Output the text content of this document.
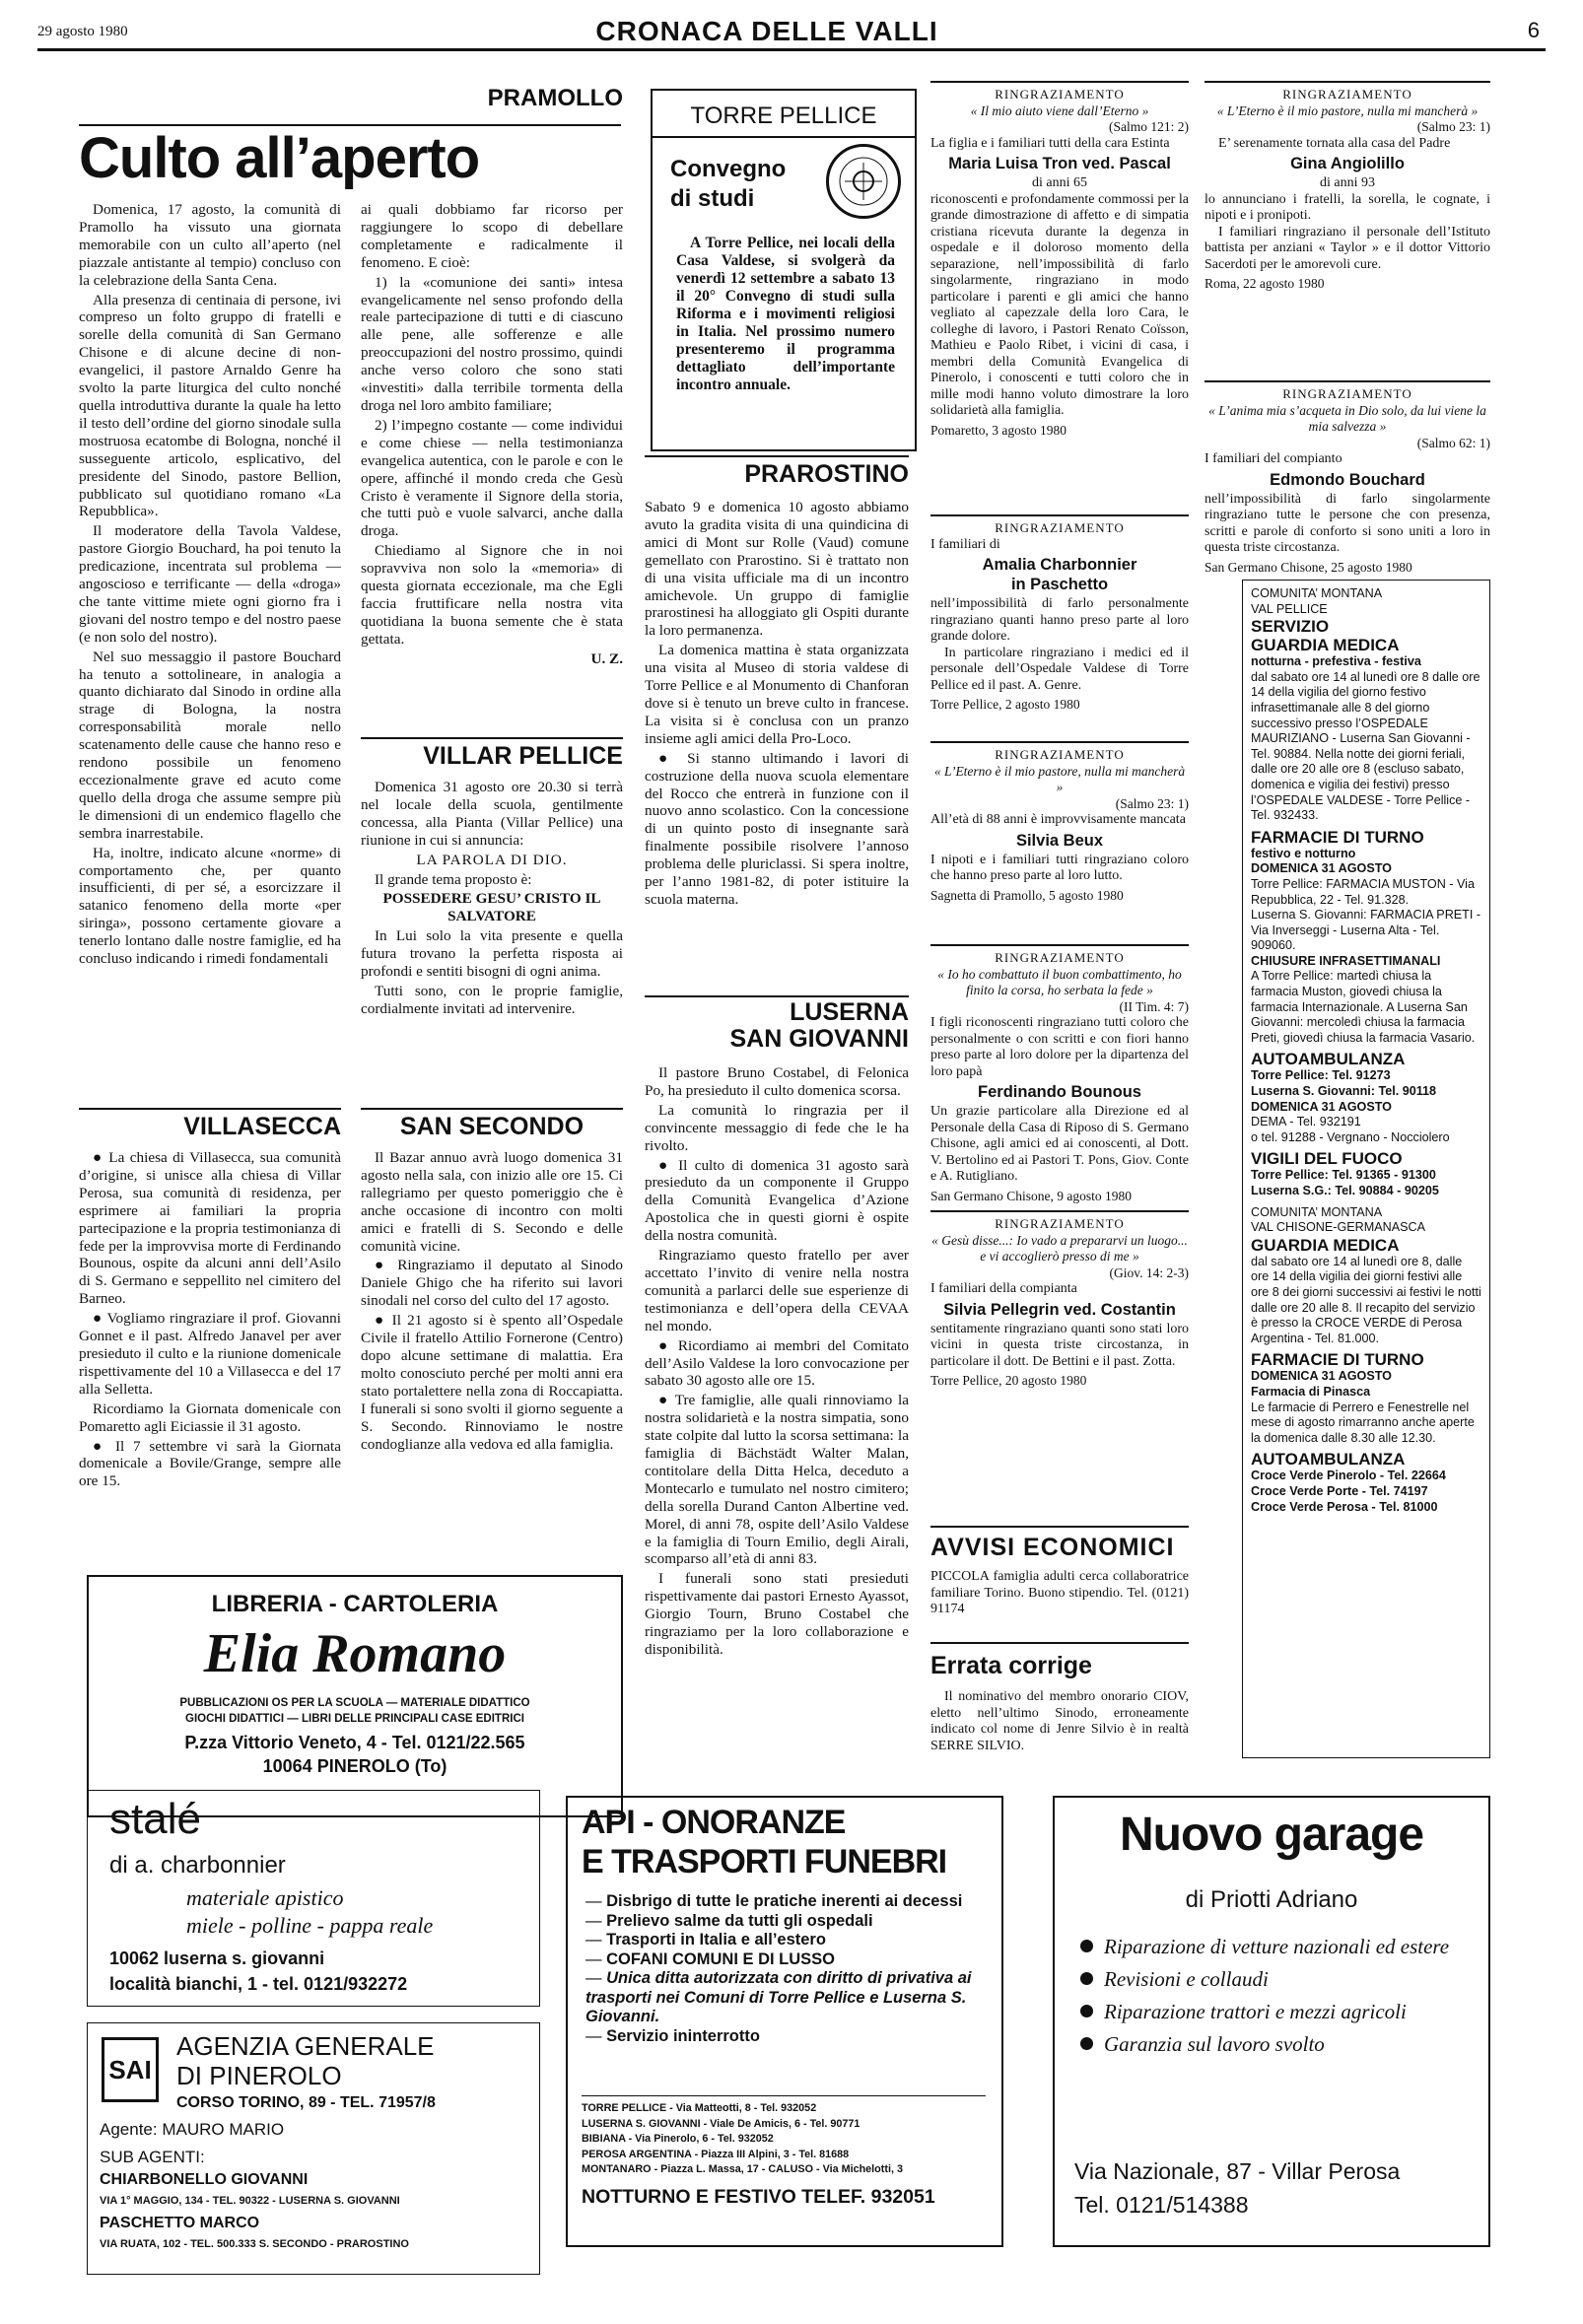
29 agosto 1980	CRONACA DELLE VALLI	6
PRAMOLLO
Culto all’aperto

Domenica, 17 agosto, la comunità di Pramollo ha vissuto una giornata memorabile con un culto all’aperto (nel piazzale antistante al tempio) concluso con la celebrazione della Santa Cena.

Alla presenza di centinaia di persone, ivi compreso un folto gruppo di fratelli e sorelle della comunità di San Germano Chisone e di alcune decine di non-evangelici, il pastore Arnaldo Genre ha svolto la parte liturgica del culto nonché quella introduttiva durante la quale ha letto il testo dell’ordine del giorno sinodale sulla mostruosa ecatombe di Bologna, nonché il susseguente articolo, esplicativo, del presidente del Sinodo, pastore Bellion, pubblicato sul quotidiano romano «La Repubblica».

Il moderatore della Tavola Valdese, pastore Giorgio Bouchard, ha poi tenuto la predicazione, incentrata sul problema — angoscioso e terrificante — della «droga» che tante vittime miete ogni giorno fra i giovani del nostro tempo e del nostro paese (e non solo del nostro).

Nel suo messaggio il pastore Bouchard ha tenuto a sottolineare, in analogia a quanto dichiarato dal Sinodo in ordine alla strage di Bologna, la nostra corresponsabilità morale nello scatenamento delle cause che hanno reso e rendono possibile un fenomeno eccezionalmente grave ed acuto come quello della droga che assume sempre più le dimensioni di un endemico flagello che sembra inarrestabile.

Ha, inoltre, indicato alcune «norme» di comportamento che, per quanto insufficienti, di per sé, a esorcizzare il satanico fenomeno della morte «per siringa», possono certamente giovare a tenerlo lontano dalle nostre famiglie, ed ha concluso indicando i rimedi fondamentali

ai quali dobbiamo far ricorso per raggiungere lo scopo di debellare completamente e radicalmente il fenomeno. E cioè:

1) la «comunione dei santi» intesa evangelicamente nel senso profondo della reale partecipazione di tutti e di ciascuno alle pene, alle sofferenze e alle preoccupazioni del nostro prossimo, quindi anche verso coloro che sono stati «investiti» dalla terribile tormenta della droga nel loro ambito familiare;

2) l’impegno costante — come individui e come chiese — nella testimonianza evangelica autentica, con le parole e con le opere, affinché il mondo creda che Gesù Cristo è veramente il Signore della storia, che tutti può e vuole salvarci, anche dalla droga.

Chiediamo al Signore che in noi sopravviva non solo la «memoria» di questa giornata eccezionale, ma che Egli faccia fruttificare nella nostra vita quotidiana la buona semente che è stata gettata.

U. Z.

VILLAR PELLICE

Domenica 31 agosto ore 20.30 si terrà nel locale della scuola, gentilmente concessa, alla Pianta (Villar Pellice) una riunione in cui si annuncia:

LA PAROLA DI DIO.

Il grande tema proposto è:

POSSEDERE GESU’ CRISTO IL SALVATORE

In Lui solo la vita presente e quella futura trovano la perfetta risposta ai profondi e sentiti bisogni di ogni anima.

Tutti sono, con le proprie famiglie, cordialmente invitati ad intervenire.

VILLASECCA

● La chiesa di Villasecca, sua comunità d’origine, si unisce alla chiesa di Villar Perosa, sua comunità di residenza, per esprimere ai familiari la propria partecipazione e la propria testimonianza di fede per la improvvisa morte di Ferdinando Bounous, ospite da alcuni anni dell’Asilo di S. Germano e seppellito nel cimitero del Barneo.

● Vogliamo ringraziare il prof. Giovanni Gonnet e il past. Alfredo Janavel per aver presieduto il culto e la riunione domenicale rispettivamente del 10 a Villasecca e del 17 alla Selletta.

Ricordiamo la Giornata domenicale con Pomaretto agli Eiciassie il 31 agosto.

● Il 7 settembre vi sarà la Giornata domenicale a Bovile/Grange, sempre alle ore 15.

SAN SECONDO

Il Bazar annuo avrà luogo domenica 31 agosto nella sala, con inizio alle ore 15. Ci rallegriamo per questo pomeriggio che è anche occasione di incontro con molti amici e fratelli di S. Secondo e delle comunità vicine.

● Ringraziamo il deputato al Sinodo Daniele Ghigo che ha riferito sui lavori sinodali nel corso del culto del 17 agosto.

● Il 21 agosto si è spento all’Ospedale Civile il fratello Attilio Fornerone (Centro) dopo alcune settimane di malattia. Era molto conosciuto perché per molti anni era stato portalettere nella zona di Roccapiatta. I funerali si sono svolti il giorno seguente a S. Secondo. Rinnoviamo le nostre condoglianze alla vedova ed alla famiglia.

TORRE PELLICE
Convegno
di studi

A Torre Pellice, nei locali della Casa Valdese, si svolgerà da venerdì 12 settembre a sabato 13 il 20° Convegno di studi sulla Riforma e i movimenti religiosi in Italia. Nel prossimo numero presenteremo il programma dettagliato dell’importante incontro annuale.

PRAROSTINO

Sabato 9 e domenica 10 agosto abbiamo avuto la gradita visita di una quindicina di amici di Mont sur Rolle (Vaud) comune gemellato con Prarostino. Si è trattato non di una visita ufficiale ma di un incontro amichevole. Un gruppo di famiglie prarostinesi ha alloggiato gli Ospiti durante la loro permanenza.

La domenica mattina è stata organizzata una visita al Museo di storia valdese di Torre Pellice e al Monumento di Chanforan dove si è tenuto un breve culto in francese. La visita si è conclusa con un pranzo insieme agli amici della Pro-Loco.

● Si stanno ultimando i lavori di costruzione della nuova scuola elementare del Rocco che entrerà in funzione con il nuovo anno scolastico. Con la concessione di un quinto posto di insegnante sarà finalmente possibile risolvere l’annoso problema delle pluriclassi. Si spera inoltre, per l’anno 1981-82, di poter istituire la scuola materna.

LUSERNA
SAN GIOVANNI

Il pastore Bruno Costabel, di Felonica Po, ha presieduto il culto domenica scorsa.

La comunità lo ringrazia per il convincente messaggio di fede che le ha rivolto.

● Il culto di domenica 31 agosto sarà presieduto da un componente il Gruppo della Comunità Evangelica d’Azione Apostolica che in questi giorni è ospite della nostra comunità.

Ringraziamo questo fratello per aver accettato l’invito di venire nella nostra comunità a parlarci delle sue esperienze di testimonianza e dell’opera della CEVAA nel mondo.

● Ricordiamo ai membri del Comitato dell’Asilo Valdese la loro convocazione per sabato 30 agosto alle ore 15.

● Tre famiglie, alle quali rinnoviamo la nostra solidarietà e la nostra simpatia, sono state colpite dal lutto la scorsa settimana: la famiglia di Bächstädt Walter Malan, contitolare della Ditta Helca, deceduto a Montecarlo e tumulato nel nostro cimitero; della sorella Durand Canton Albertine ved. Morel, di anni 78, ospite dell’Asilo Valdese e la famiglia di Tourn Emilio, degli Airali, scomparso all’età di anni 83.

I funerali sono stati presieduti rispettivamente dai pastori Ernesto Ayassot, Giorgio Tourn, Bruno Costabel che ringraziamo per la loro collaborazione e disponibilità.

RINGRAZIAMENTO
« Il mio aiuto viene dall’Eterno »
(Salmo 121: 2)
La figlia e i familiari tutti della cara Estinta
Maria Luisa Tron ved. Pascal
di anni 65
riconoscenti e profondamente commossi per la grande dimostrazione di affetto e di simpatia cristiana ricevuta durante la degenza in ospedale e il doloroso momento della separazione, nell’impossibilità di farlo singolarmente, ringraziano in modo particolare i parenti e gli amici che hanno vegliato al capezzale della loro Cara, le colleghe di lavoro, i Pastori Renato Coïsson, Mathieu e Paolo Ribet, i vicini di casa, i membri della Comunità Evangelica di Pinerolo, i conoscenti e tutti coloro che in mille modi hanno voluto dimostrare la loro solidarietà alla famiglia.
Pomaretto, 3 agosto 1980
RINGRAZIAMENTO
I familiari di
Amalia Charbonnier
in Paschetto
nell’impossibilità di farlo personalmente ringraziano quanti hanno preso parte al loro grande dolore.
In particolare ringraziano i medici ed il personale dell’Ospedale Valdese di Torre Pellice ed il past. A. Genre.
Torre Pellice, 2 agosto 1980
RINGRAZIAMENTO
« L’Eterno è il mio pastore, nulla mi mancherà »
(Salmo 23: 1)
All’età di 88 anni è improvvisamente mancata
Silvia Beux
I nipoti e i familiari tutti ringraziano coloro che hanno preso parte al loro lutto.
Sagnetta di Pramollo, 5 agosto 1980
RINGRAZIAMENTO
« Io ho combattuto il buon combattimento, ho finito la corsa, ho serbata la fede »
(II Tim. 4: 7)
I figli riconoscenti ringraziano tutti coloro che personalmente o con scritti e con fiori hanno preso parte al loro dolore per la dipartenza del loro papà
Ferdinando Bounous
Un grazie particolare alla Direzione ed al Personale della Casa di Riposo di S. Germano Chisone, agli amici ed ai conoscenti, al Dott. V. Bertolino ed ai Pastori T. Pons, Giov. Conte e A. Rutigliano.
San Germano Chisone, 9 agosto 1980
RINGRAZIAMENTO
« Gesù disse...: Io vado a prepararvi un luogo... e vi accoglierò presso di me »
(Giov. 14: 2-3)
I familiari della compianta
Silvia Pellegrin ved. Costantin
sentitamente ringraziano quanti sono stati loro vicini in questa triste circostanza, in particolare il dott. De Bettini e il past. Zotta.
Torre Pellice, 20 agosto 1980
AVVISI ECONOMICI
PICCOLA famiglia adulti cerca collaboratrice familiare Torino. Buono stipendio. Tel. (0121) 91174
Errata corrige
Il nominativo del membro onorario CIOV, eletto nell’ultimo Sinodo, erroneamente indicato col nome di Jenre Silvio è in realtà SERRE SILVIO.
RINGRAZIAMENTO
« L’Eterno è il mio pastore, nulla mi mancherà »
(Salmo 23: 1)
E’ serenamente tornata alla casa del Padre
Gina Angiolillo
di anni 93
lo annunciano i fratelli, la sorella, le cognate, i nipoti e i pronipoti.
I familiari ringraziano il personale dell’Istituto battista per anziani « Taylor » e il dottor Vittorio Sacerdoti per le amorevoli cure.
Roma, 22 agosto 1980
RINGRAZIAMENTO
« L’anima mia s’acqueta in Dio solo, da lui viene la mia salvezza »
(Salmo 62: 1)
I familiari del compianto
Edmondo Bouchard
nell’impossibilità di farlo singolarmente ringraziano tutte le persone che con presenza, scritti e parole di conforto si sono uniti a loro in questa triste circostanza.
San Germano Chisone, 25 agosto 1980
COMUNITA’ MONTANA
VAL PELLICE
SERVIZIO
GUARDIA MEDICA
notturna - prefestiva - festiva
dal sabato ore 14 al lunedì ore 8 dalle ore 14 della vigilia del giorno festivo infrasettimanale alle 8 del giorno successivo presso l’OSPEDALE MAURIZIANO - Luserna San Giovanni - Tel. 90884. Nella notte dei giorni feriali, dalle ore 20 alle ore 8 (escluso sabato, domenica e vigilia dei festivi) presso l’OSPEDALE VALDESE - Torre Pellice - Tel. 932433.
FARMACIE DI TURNO
festivo e notturno
DOMENICA 31 AGOSTO
Torre Pellice: FARMACIA MUSTON - Via Repubblica, 22 - Tel. 91.328.
Luserna S. Giovanni: FARMACIA PRETI - Via Inverseggi - Luserna Alta - Tel. 909060.
CHIUSURE INFRASETTIMANALI
A Torre Pellice: martedì chiusa la farmacia Muston, giovedì chiusa la farmacia Internazionale. A Luserna San Giovanni: mercoledì chiusa la farmacia Preti, giovedì chiusa la farmacia Vasario.
AUTOAMBULANZA
Torre Pellice: Tel. 91273
Luserna S. Giovanni: Tel. 90118
DOMENICA 31 AGOSTO
DEMA - Tel. 932191
o tel. 91288 - Vergnano - Nocciolero
VIGILI DEL FUOCO
Torre Pellice: Tel. 91365 - 91300
Luserna S.G.: Tel. 90884 - 90205
COMUNITA’ MONTANA
VAL CHISONE-GERMANASCA
GUARDIA MEDICA
dal sabato ore 14 al lunedì ore 8, dalle ore 14 della vigilia dei giorni festivi alle ore 8 dei giorni successivi ai festivi le notti dalle ore 20 alle 8. Il recapito del servizio è presso la CROCE VERDE di Perosa Argentina - Tel. 81.000.
FARMACIE DI TURNO
DOMENICA 31 AGOSTO
Farmacia di Pinasca
Le farmacie di Perrero e Fenestrelle nel mese di agosto rimarranno anche aperte la domenica dalle 8.30 alle 12.30.
AUTOAMBULANZA
Croce Verde Pinerolo - Tel. 22664
Croce Verde Porte - Tel. 74197
Croce Verde Perosa - Tel. 81000
LIBRERIA - CARTOLERIA
Elia Romano
PUBBLICAZIONI OS PER LA SCUOLA — MATERIALE DIDATTICO
GIOCHI DIDATTICI — LIBRI DELLE PRINCIPALI CASE EDITRICI
P.zza Vittorio Veneto, 4 - Tel. 0121/22.565
10064 PINEROLO (To)
stalé
di a. charbonnier
materiale apistico
miele - polline - pappa reale
10062 luserna s. giovanni
località bianchi, 1 - tel. 0121/932272
SAI
AGENZIA GENERALE
DI PINEROLO
CORSO TORINO, 89 - TEL. 71957/8
Agente: MAURO MARIO
SUB AGENTI:
CHIARBONELLO GIOVANNI
VIA 1° MAGGIO, 134 - TEL. 90322 - LUSERNA S. GIOVANNI
PASCHETTO MARCO
VIA RUATA, 102 - TEL. 500.333 S. SECONDO - PRAROSTINO
API - ONORANZE
E TRASPORTI FUNEBRI
— Disbrigo di tutte le pratiche inerenti ai decessi
— Prelievo salme da tutti gli ospedali
— Trasporti in Italia e all’estero
— COFANI COMUNI E DI LUSSO
— Unica ditta autorizzata con diritto di privativa ai trasporti nei Comuni di Torre Pellice e Luserna S. Giovanni.
— Servizio ininterrotto
TORRE PELLICE - Via Matteotti, 8 - Tel. 932052
LUSERNA S. GIOVANNI - Viale De Amicis, 6 - Tel. 90771
BIBIANA - Via Pinerolo, 6 - Tel. 932052
PEROSA ARGENTINA - Piazza III Alpini, 3 - Tel. 81688
MONTANARO - Piazza L. Massa, 17 - CALUSO - Via Michelotti, 3
NOTTURNO E FESTIVO TELEF. 932051
Nuovo garage
di Priotti Adriano
Riparazione di vetture nazionali ed estere
Revisioni e collaudi
Riparazione trattori e mezzi agricoli
Garanzia sul lavoro svolto
Via Nazionale, 87 - Villar Perosa
Tel. 0121/514388
